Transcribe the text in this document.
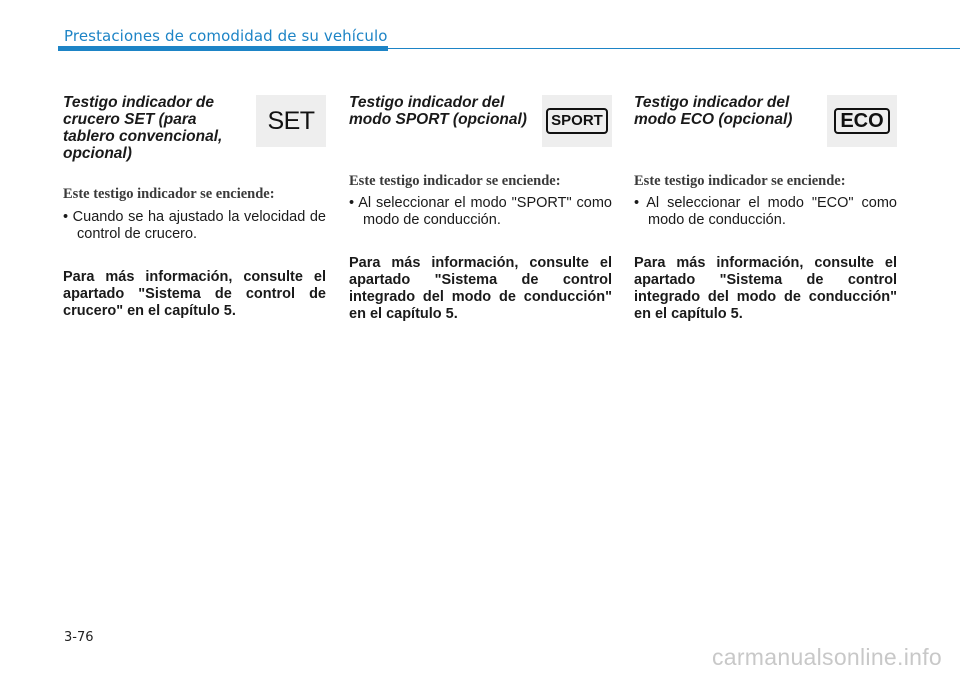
Prestaciones de comodidad de su vehículo

Testigo indicador de crucero SET (para tablero convencional, opcional)

SET

Este testigo indicador se enciende:

• Cuando se ha ajustado la velocidad de control de crucero.

Para más información, consulte el apartado "Sistema de control de crucero" en el capítulo 5.

Testigo indicador del modo SPORT (opcional)	SPORT

Este testigo indicador se enciende:

• Al seleccionar el modo "SPORT" como modo de conducción.

Para más información, consulte el apartado "Sistema de control integrado del modo de conducción" en el capítulo 5.

Testigo indicador del modo ECO (opcional)	ECO

Este testigo indicador se enciende:

• Al seleccionar el modo "ECO" como modo de conducción.

Para más información, consulte el apartado "Sistema de control integrado del modo de conducción" en el capítulo 5.

3-76
carmanualsonline.info
